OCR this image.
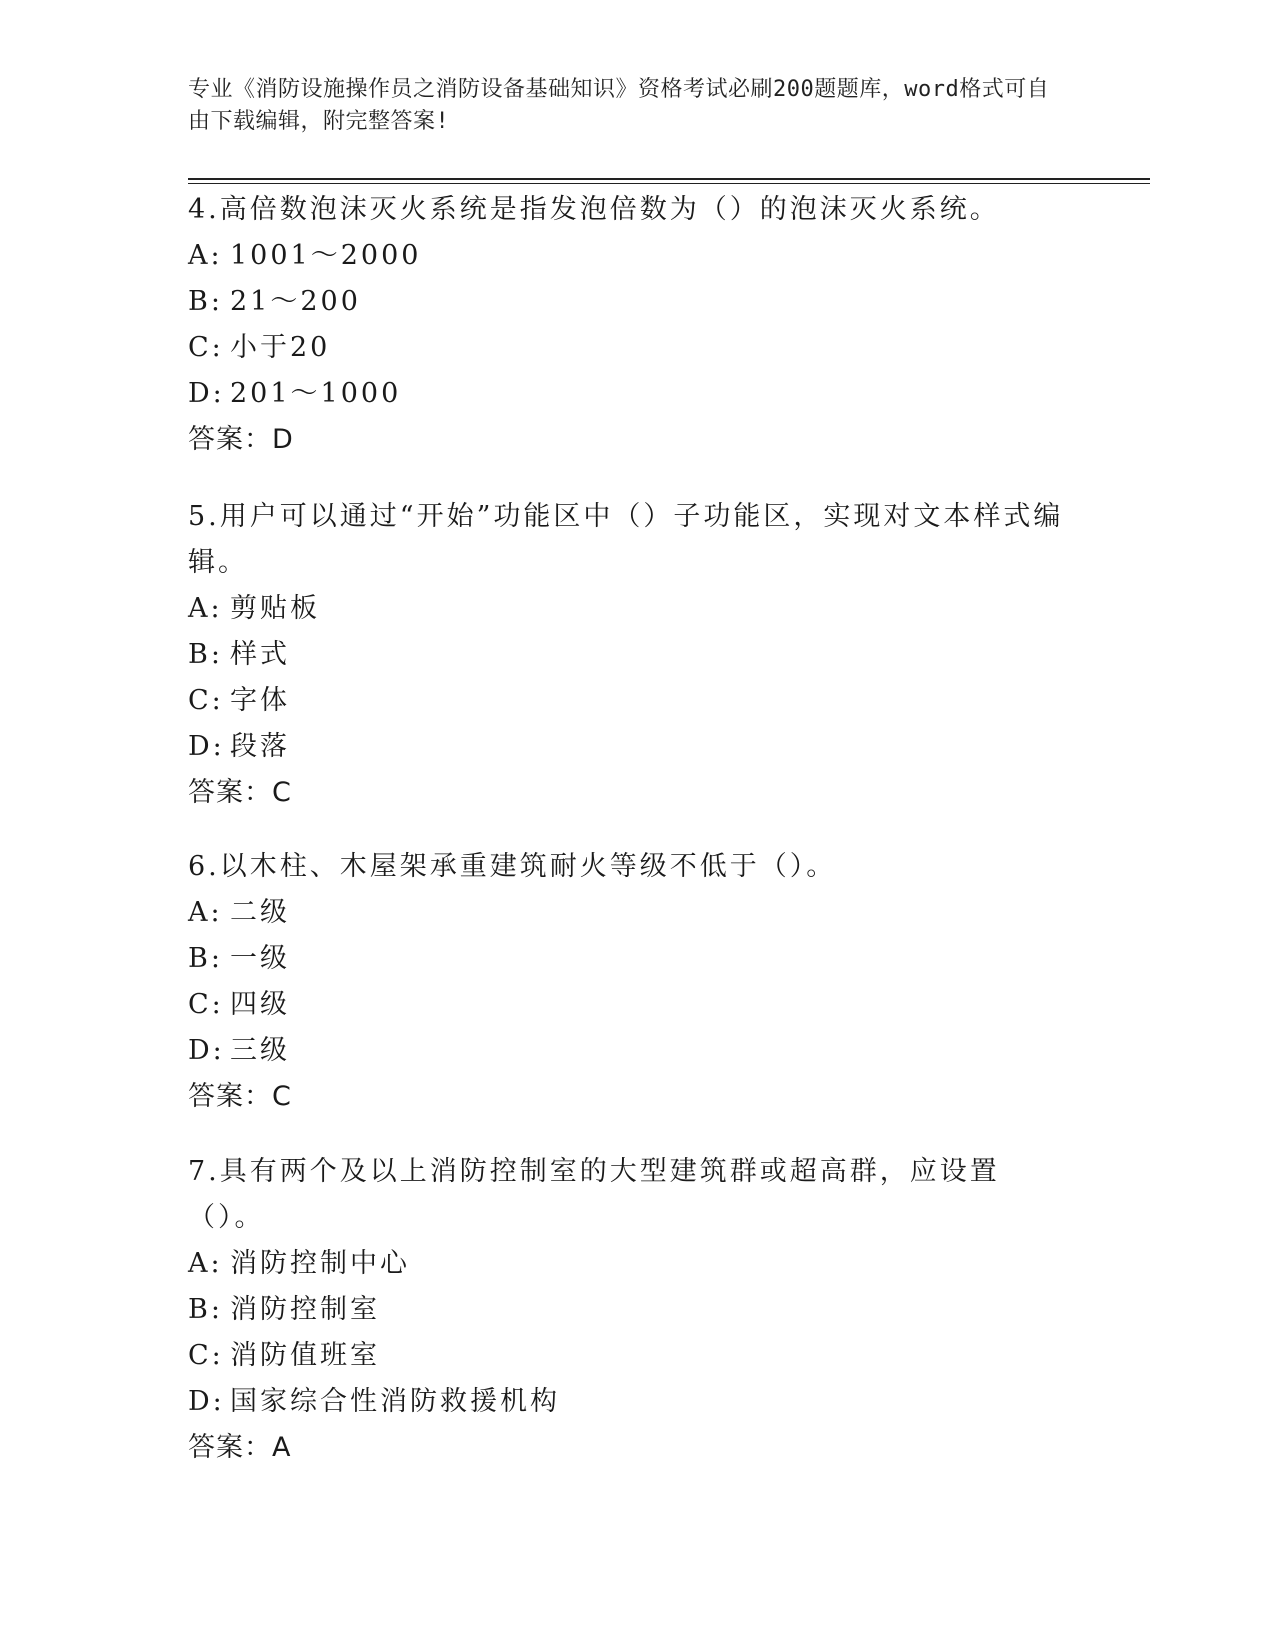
专业《消防设施操作员之消防设备基础知识》资格考试必刷200题题库，word格式可自由下载编辑，附完整答案!

4.高倍数泡沫灭火系统是指发泡倍数为（）的泡沫灭火系统。

A: 1001～2000

B: 21～200

C: 小于20

D: 201～1000

答案：D

5.用户可以通过“开始”功能区中（）子功能区，实现对文本样式编辑。

A: 剪贴板

B: 样式

C: 字体

D: 段落

答案：C

6.以木柱、木屋架承重建筑耐火等级不低于（）。

A: 二级

B: 一级

C: 四级

D: 三级

答案：C

7.具有两个及以上消防控制室的大型建筑群或超高群，应设置（）。

A: 消防控制中心

B: 消防控制室

C: 消防值班室

D: 国家综合性消防救援机构

答案：A
